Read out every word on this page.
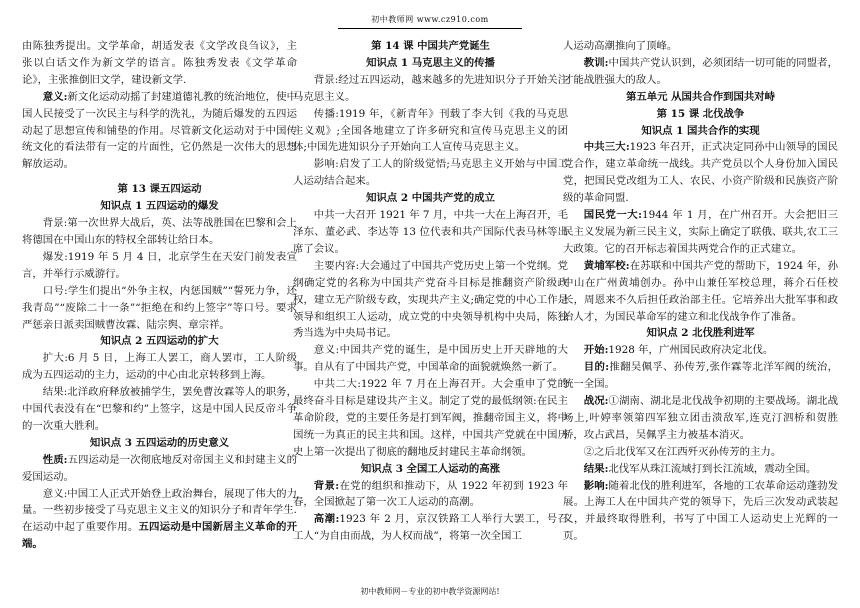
初中教师网 www.cz910.com

由陈独秀提出。文学革命，胡适发表《文学改良刍议》，主张以白话文作为新文学的语言。陈独秀发表《文学革命论》，主张推倒旧文学，建设新文学.

意义:新文化运动动摇了封建道德礼教的统治地位，使中国人民接受了一次民主与科学的洗礼，为随后爆发的五四运动起了思想宣传和铺垫的作用。尽管新文化运动对于中国传统文化的看法带有一定的片面性，它仍然是一次伟大的思想解放运动。

第 13 课五四运动

知识点 1 五四运动的爆发

背景:第一次世界大战后，英、法等战胜国在巴黎和会上将德国在中国山东的特权全部转让给日本。

爆发:1919 年 5 月 4 日，北京学生在天安门前发表宣言，并举行示威游行。

口号:学生们提出“外争主权，内惩国贼”“誓死力争，还我青岛”“废除二十一条”“拒绝在和约上签字”等口号。要求严惩亲日派卖国贼曹汝霖、陆宗舆、章宗祥。

知识点 2 五四运动的扩大

扩大:6 月 5 日，上海工人罢工，商人罢市，工人阶级成为五四运动的主力，运动的中心由北京转移到上海。

结果:北洋政府释放被捕学生，罢免曹汝霖等人的职务，中国代表没有在“巴黎和约”上签字，这是中国人民反帝斗争的一次重大胜利。

知识点 3 五四运动的历史意义

性质:五四运动是一次彻底地反对帝国主义和封建主义的爱国运动。

意义:中国工人正式开始登上政治舞台，展现了伟大的力量。一些初步接受了马克思主义主义的知识分子和青年学生.在运动中起了重要作用。五四运动是中国新居主义革命的开端。

第 14 课 中国共产党诞生

知识点 1 马克思主义的传播

背景:经过五四运动，越来越多的先进知识分子开始关注马克思主义。

传播:1919 年，《新青年》刊载了李大钊《我的马克思主义观》;全国各地建立了许多研究和宣传马克思主义的团体;中国先进知识分子开始向工人宣传马克思主义。

影响:启发了工人的阶级觉悟;马克思主义开始与中国工人运动结合起来。

知识点 2 中国共产党的成立

中共一大召开 1921 年 7 月，中共一大在上海召开，毛泽东、董必武、李达等 13 位代表和共产国际代表马林等出席了会议。

主要内容:大会通过了中国共产党历史上第一个党纲。党纲确定党的名称为中国共产党奋斗目标是推翻资产阶级政权，建立无产阶级专政，实现共产主义;确定党的中心工作是领导和组织工人运动，成立党的中央领导机构中央局，陈独秀当选为中央局书记。

意义:中国共产党的诞生，是中国历史上开天辟地的大事。自从有了中国共产党，中国革命的面貌就焕然一新了。

中共二大:1922 年 7 月在上海召开。大会重申了党的最终奋斗目标是建设共产主义。制定了党的最低纲领:在民主革命阶段，党的主要任务是打到军阀，推翻帝国主义，将中国统一为真正的民主共和国。这样，中国共产党就在中国历史上第一次提出了彻底的翻地反封建民主革命纲领。

知识点 3 全国工人运动的高涨

背景:在党的组织和推动下，从 1922 年初到 1923 年春，全国掀起了第一次工人运动的高潮。

高潮:1923 年 2 月，京汉铁路工人举行大罢工，号召工人“为自由而战，为人权而战”，将第一次全国工

人运动高潮推向了顶峰。

教训:中国共产党认识到，必须团结一切可能的同盟者，才能战胜强大的敌人。

第五单元 从国共合作到国共对峙

第 15 课 北伐战争

知识点 1 国共合作的实现

中共三大:1923 年召开，正式决定同孙中山领导的国民党合作，建立革命统一战线。共产党员以个人身份加入国民党，把国民党改组为工人、农民、小资产阶级和民族资产阶级的革命同盟.

国民党一大:1944 年 1 月，在广州召开。大会把旧三民主义发展为新三民主义，实际上确定了联俄、联共,农工三大政策。它的召开标志着国共两党合作的正式建立。

黄埔军校:在苏联和中国共产党的帮助下，1924 年，孙中山在广州黄埔创办。孙中山兼任军校总理，蒋介石任校长，周恩来不久后担任政治部主任。它培养出大批军事和政治人才，为国民革命军的建立和北伐战争作了准备。

知识点 2 北伐胜利进军

开始:1928 年，广州国民政府决定北伐。

目的:推翻吴佩孚、孙传芳,张作霖等北洋军阀的统治，统一全国。

战况:①湖南、湖北是北伐战争初期的主要战场。湖北战场上,叶婷率领第四军独立团击溃敌军,连克汀泗桥和贺胜桥，攻占武昌，吴佩孚主力被基本消灭。

②之后北伐军又在江西歼灭孙传芳的主力。

结果:北伐军从珠江流域打到长江流域，震动全国。

影响:随着北伐的胜利进军，各地的工农革命运动蓬勃发展。上海工人在中国共产党的领导下，先后三次发动武装起义，并最终取得胜利，书写了中国工人运动史上光辉的一页。

初中教师网－专业的初中教学资源网站!
